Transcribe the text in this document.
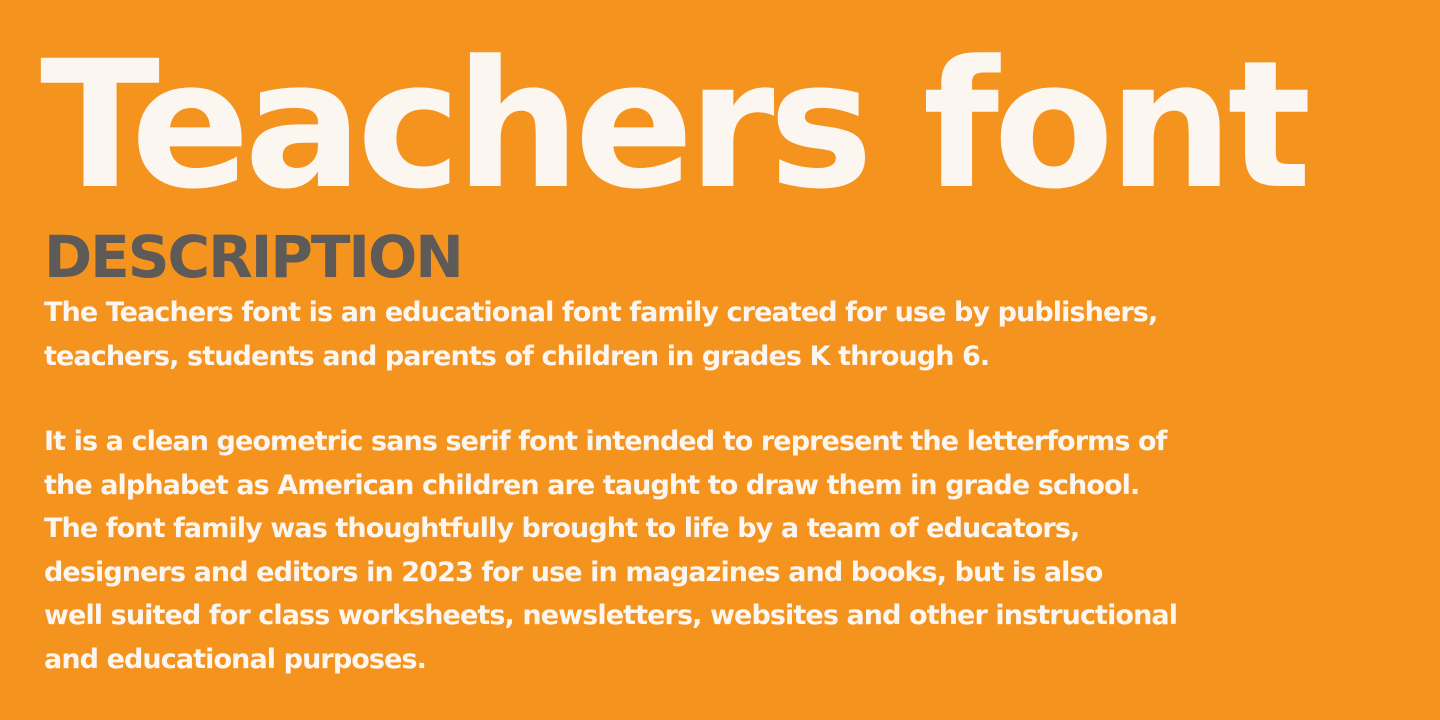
Teachers font
DESCRIPTION
The Teachers font is an educational font family created for use by publishers,
teachers, students and parents of children in grades K through 6.
It is a clean geometric sans serif font intended to represent the letterforms of
the alphabet as American children are taught to draw them in grade school.
The font family was thoughtfully brought to life by a team of educators,
designers and editors in 2023 for use in magazines and books, but is also
well suited for class worksheets, newsletters, websites and other instructional
and educational purposes.
